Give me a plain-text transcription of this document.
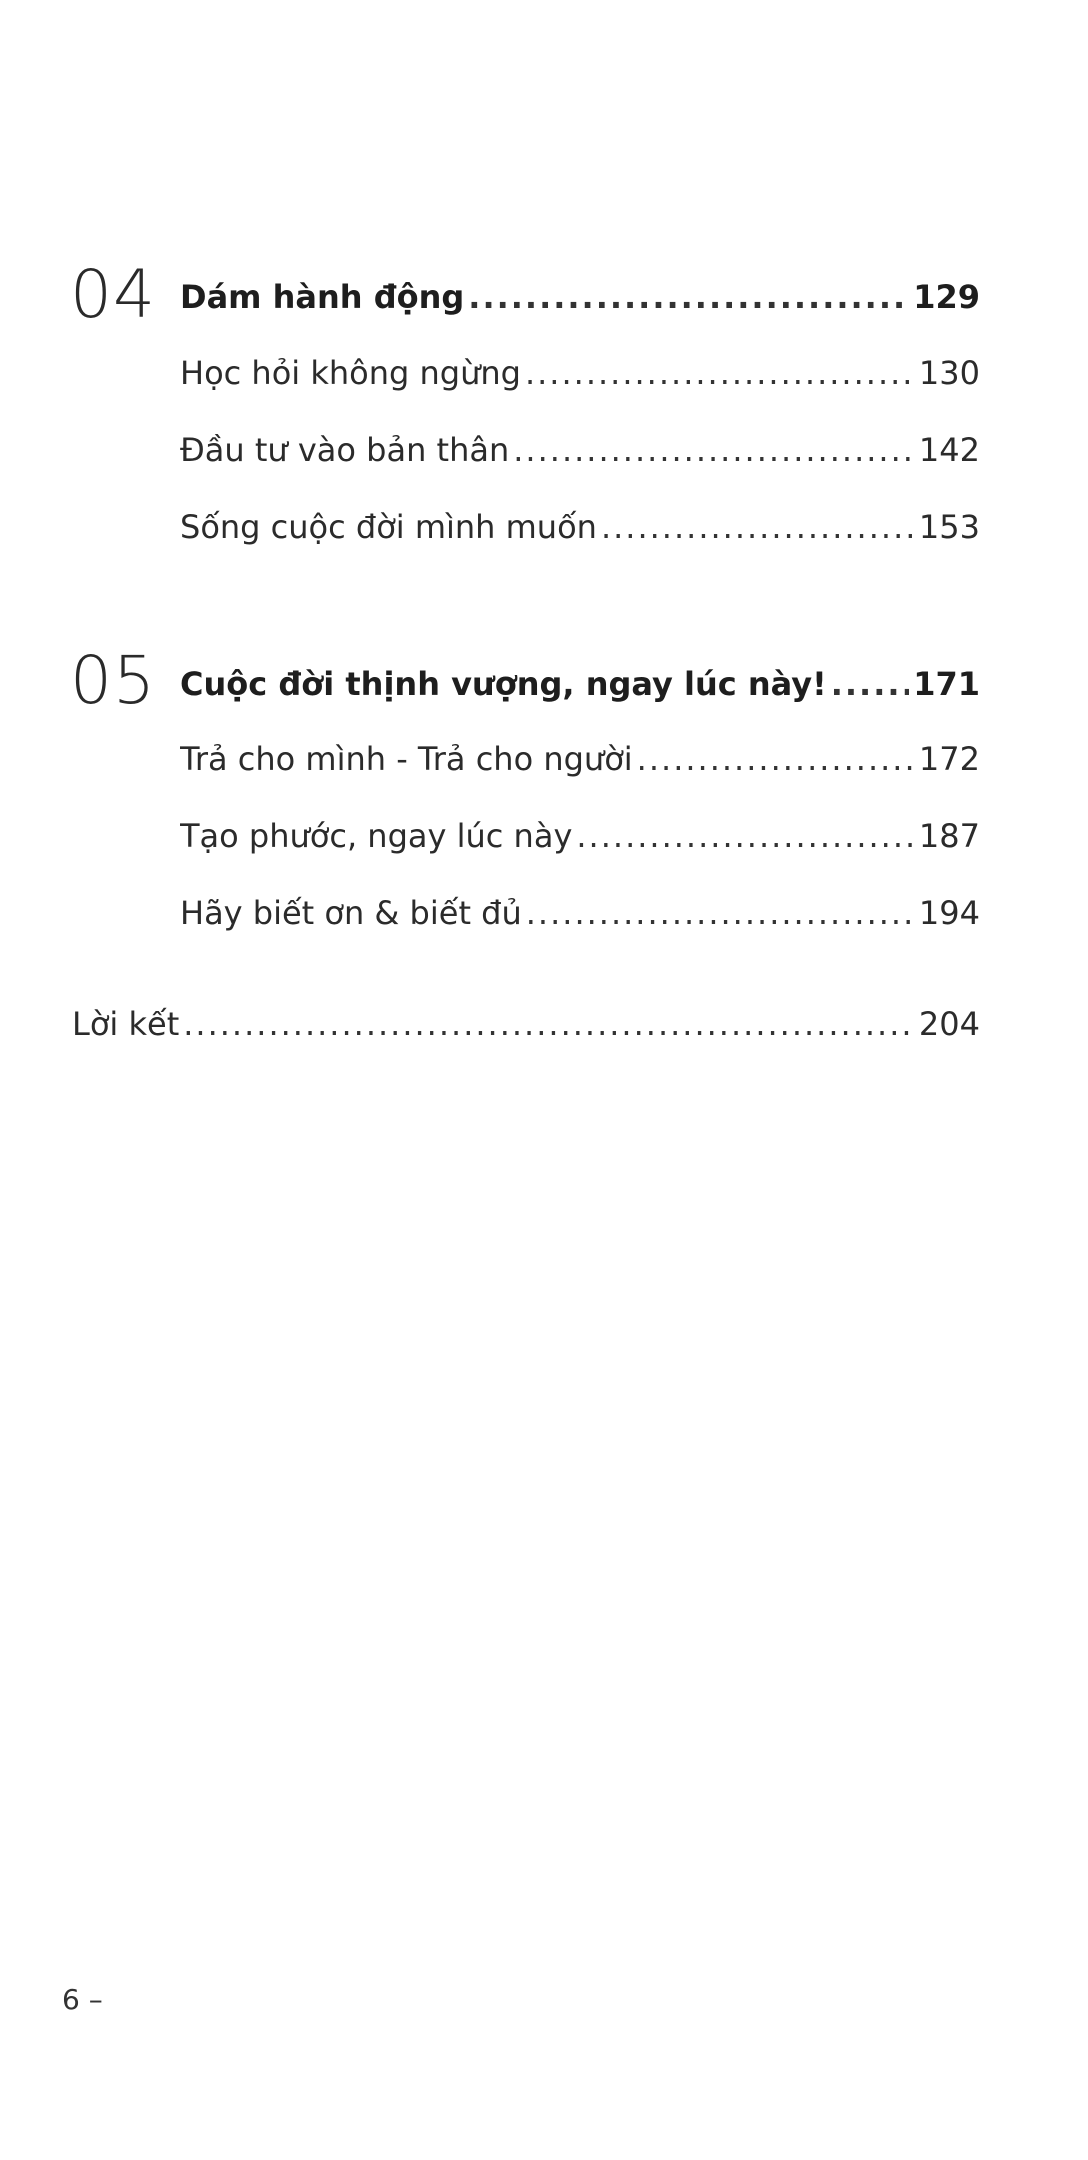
04 Dám hành động .....	129
Học hỏi không ngừng .....	130
Đầu tư vào bản thân .....	142
Sống cuộc đời mình muốn .....	153
05 Cuộc đời thịnh vượng, ngay lúc này! .....	171
Trả cho mình - Trả cho người .....	172
Tạo phước, ngay lúc này .....	187
Hãy biết ơn & biết đủ .....	194
Lời kết .....	204
6 –
